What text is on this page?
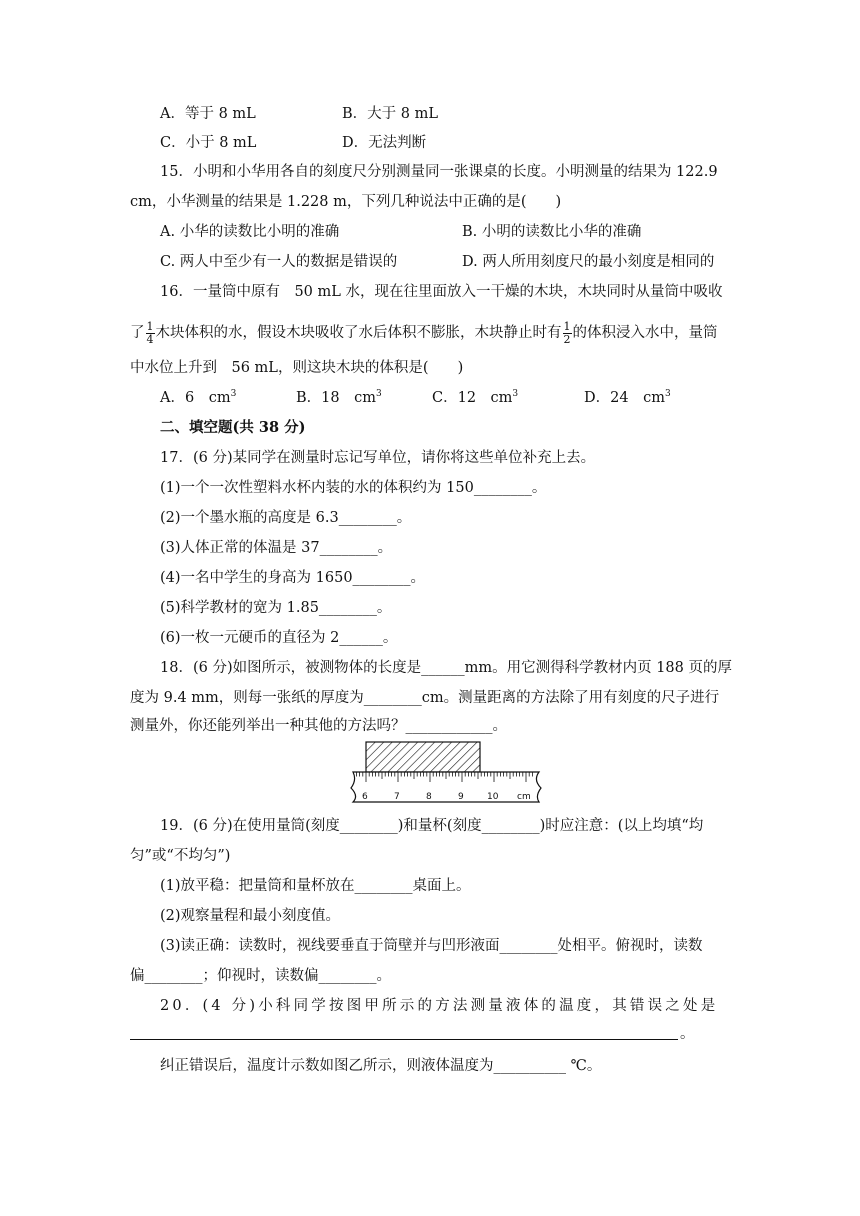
A．等于 8 mL	B．大于 8 mL
C．小于 8 mL	D．无法判断
15．小明和小华用各自的刻度尺分别测量同一张课桌的长度。小明测量的结果为 122.9
cm，小华测量的结果是 1.228 m，下列几种说法中正确的是(　　)
A. 小华的读数比小明的准确	B. 小明的读数比小华的准确
C. 两人中至少有一人的数据是错误的	D. 两人所用刻度尺的最小刻度是相同的
16．一量筒中原有　50 mL 水，现在往里面放入一干燥的木块，木块同时从量筒中吸收
了 $\frac{1}{4}$ 木块体积的水，假设木块吸收了水后体积不膨胀，木块静止时有 $\frac{1}{2}$ 的体积浸入水中，量筒
中水位上升到　56 mL，则这块木块的体积是(　　)
A．6　$cm^3$	B．18　$cm^3$	C．12　$cm^3$	D．24　$cm^3$
二、填空题(共 38 分)
17．(6 分)某同学在测量时忘记写单位，请你将这些单位补充上去。
(1)一个一次性塑料水杯内装的水的体积约为 150________。
(2)一个墨水瓶的高度是 6.3________。
(3)人体正常的体温是 37________。
(4)一名中学生的身高为 1650________。
(5)科学教材的宽为 1.85________。
(6)一枚一元硬币的直径为 2______。
18．(6 分)如图所示，被测物体的长度是______mm。用它测得科学教材内页 188 页的厚
度为 9.4 mm，则每一张纸的厚度为________cm。测量距离的方法除了用有刻度的尺子进行
测量外，你还能列举出一种其他的方法吗？____________。
6	7	8	9	10 cm
19．(6 分)在使用量筒(刻度________)和量杯(刻度________)时应注意：(以上均填“均
匀”或“不均匀”)
(1)放平稳：把量筒和量杯放在________桌面上。
(2)观察量程和最小刻度值。
(3)读正确：读数时，视线要垂直于筒壁并与凹形液面________处相平。俯视时，读数
偏________；仰视时，读数偏________。
20．(4 分)小科同学按图甲所示的方法测量液体的温度，其错误之处是
。
纠正错误后，温度计示数如图乙所示，则液体温度为__________ ℃。
